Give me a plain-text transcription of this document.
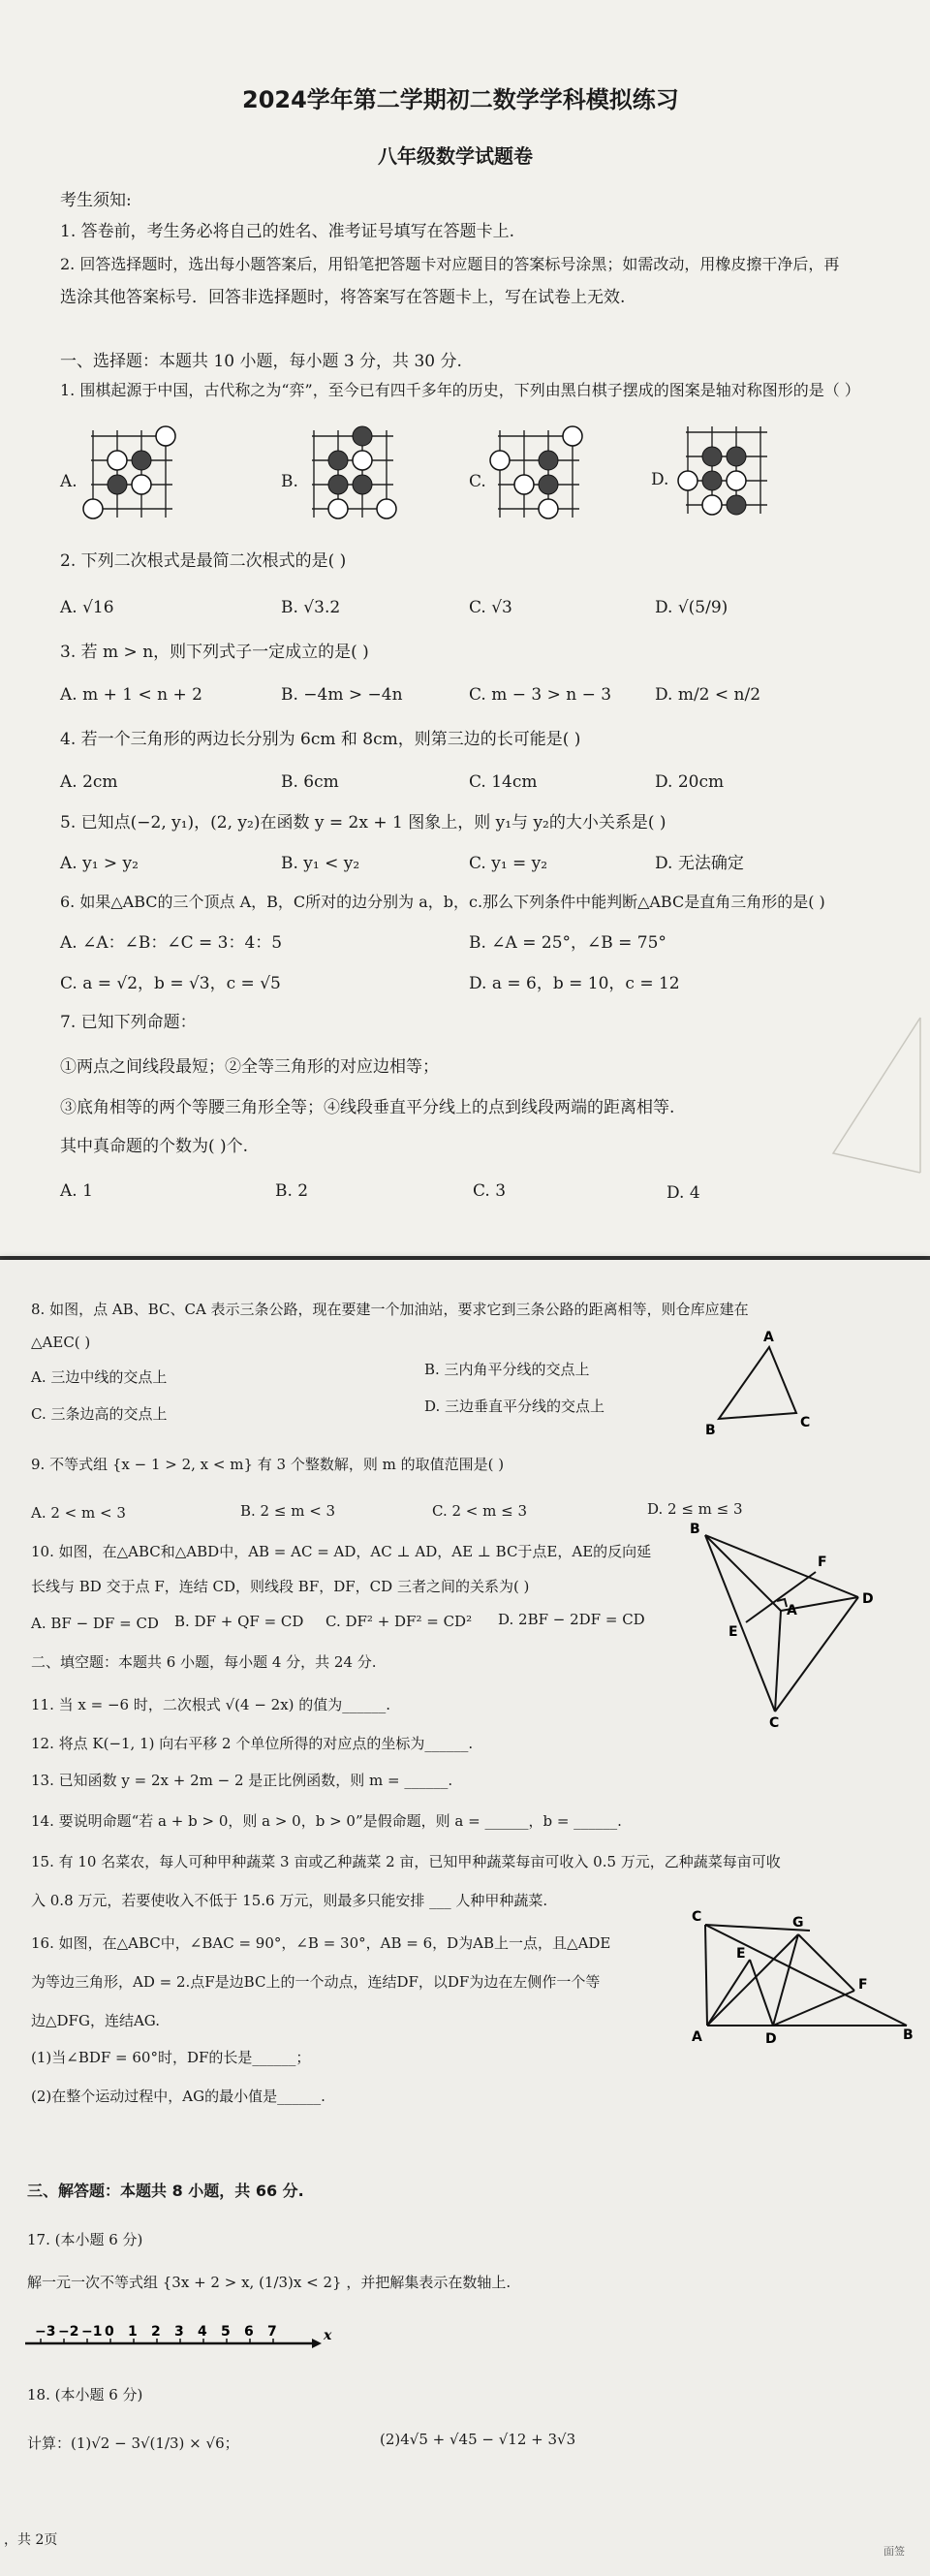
2024学年第二学期初二数学学科模拟练习
八年级数学试题卷
考生须知:
1. 答卷前，考生务必将自己的姓名、准考证号填写在答题卡上.
2. 回答选择题时，选出每小题答案后，用铅笔把答题卡对应题目的答案标号涂黑；如需改动，用橡皮擦干净后，再
选涂其他答案标号．回答非选择题时，将答案写在答题卡上，写在试卷上无效.
一、选择题：本题共 10 小题，每小题 3 分，共 30 分.
1. 围棋起源于中国，古代称之为“弈”，至今已有四千多年的历史，下列由黑白棋子摆成的图案是轴对称图形的是（ ）
A.	B.	C.	D.
2. 下列二次根式是最简二次根式的是( )
A. √16	B. √3.2	C. √3	D. √(5/9)
3. 若 m > n，则下列式子一定成立的是( )
A. m + 1 < n + 2	B. −4m > −4n	C. m − 3 > n − 3	D. m/2 < n/2
4. 若一个三角形的两边长分别为 6cm 和 8cm，则第三边的长可能是( )
A. 2cm	B. 6cm	C. 14cm	D. 20cm
5. 已知点(−2, y₁)，(2, y₂)在函数 y = 2x + 1 图象上，则 y₁与 y₂的大小关系是( )
A. y₁ > y₂	B. y₁ < y₂	C. y₁ = y₂	D. 无法确定
6. 如果△ABC的三个顶点 A，B，C所对的边分别为 a，b，c.那么下列条件中能判断△ABC是直角三角形的是( )
A. ∠A：∠B：∠C = 3：4：5	B. ∠A = 25°，∠B = 75°
C. a = √2，b = √3，c = √5	D. a = 6，b = 10，c = 12
7. 已知下列命题：
①两点之间线段最短；②全等三角形的对应边相等；
③底角相等的两个等腰三角形全等；④线段垂直平分线上的点到线段两端的距离相等.
其中真命题的个数为( )个.
A. 1	B. 2	C. 3	D. 4
8. 如图，点 AB、BC、CA 表示三条公路，现在要建一个加油站，要求它到三条公路的距离相等，则仓库应建在
△AEC( )
A. 三边中线的交点上	B. 三内角平分线的交点上
C. 三条边高的交点上	D. 三边垂直平分线的交点上
A
B	C
9. 不等式组 {x − 1 > 2, x < m} 有 3 个整数解，则 m 的取值范围是( )
A. 2 < m < 3	B. 2 ≤ m < 3	C. 2 < m ≤ 3	D. 2 ≤ m ≤ 3
10. 如图，在△ABC和△ABD中，AB = AC = AD，AC ⊥ AD，AE ⊥ BC于点E，AE的反向延
长线与 BD 交于点 F，连结 CD，则线段 BF，DF，CD 三者之间的关系为( )
A. BF − DF = CD B. DF + QF = CD C. DF² + DF² = CD² D. 2BF − 2DF = CD
B
F
D
A
E
C
二、填空题：本题共 6 小题，每小题 4 分，共 24 分.
11. 当 x = −6 时，二次根式 √(4 − 2x) 的值为______.
12. 将点 K(−1, 1) 向右平移 2 个单位所得的对应点的坐标为______.
13. 已知函数 y = 2x + 2m − 2 是正比例函数，则 m = ______.
14. 要说明命题“若 a + b > 0，则 a > 0，b > 0”是假命题，则 a = ______，b = ______.
15. 有 10 名菜农，每人可种甲种蔬菜 3 亩或乙种蔬菜 2 亩，已知甲种蔬菜每亩可收入 0.5 万元，乙种蔬菜每亩可收
入 0.8 万元，若要使收入不低于 15.6 万元，则最多只能安排 ___ 人种甲种蔬菜.
16. 如图，在△ABC中，∠BAC = 90°，∠B = 30°，AB = 6，D为AB上一点，且△ADE
为等边三角形，AD = 2.点F是边BC上的一个动点，连结DF，以DF为边在左侧作一个等
边△DFG，连结AG.
(1)当∠BDF = 60°时，DF的长是______；
(2)在整个运动过程中，AG的最小值是______.
C	G
E
F
A	D	B
三、解答题：本题共 8 小题，共 66 分.
17. (本小题 6 分)
解一元一次不等式组 {3x + 2 > x, (1/3)x < 2} ，并把解集表示在数轴上.
−3 −2 −1 0 1 2 3 4 5 6 7	x
18. (本小题 6 分)
计算：(1)√2 − 3√(1/3) × √6；	(2)4√5 + √45 − √12 + 3√3
，共 2页
面签
